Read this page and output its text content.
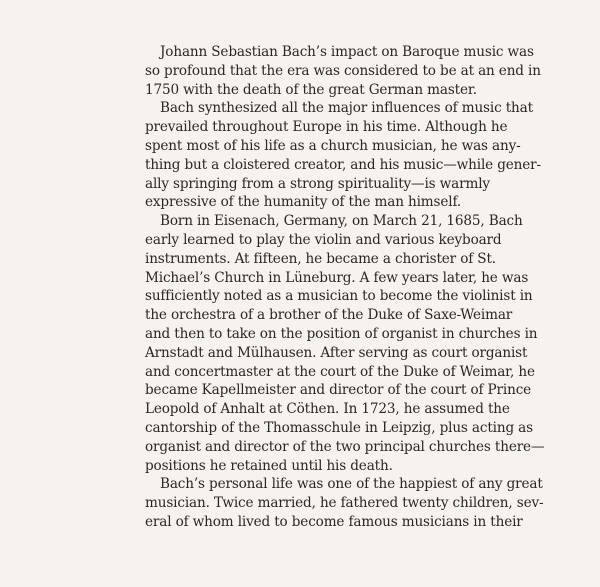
Johann Sebastian Bach’s impact on Baroque music was
so profound that the era was considered to be at an end in
1750 with the death of the great German master.

Bach synthesized all the major influences of music that
prevailed throughout Europe in his time. Although he
spent most of his life as a church musician, he was any-
thing but a cloistered creator, and his music—while gener-
ally springing from a strong spirituality—is warmly
expressive of the humanity of the man himself.

Born in Eisenach, Germany, on March 21, 1685, Bach
early learned to play the violin and various keyboard
instruments. At fifteen, he became a chorister of St.
Michael’s Church in Lüneburg. A few years later, he was
sufficiently noted as a musician to become the violinist in
the orchestra of a brother of the Duke of Saxe-Weimar
and then to take on the position of organist in churches in
Arnstadt and Mülhausen. After serving as court organist
and concertmaster at the court of the Duke of Weimar, he
became Kapellmeister and director of the court of Prince
Leopold of Anhalt at Cöthen. In 1723, he assumed the
cantorship of the Thomasschule in Leipzig, plus acting as
organist and director of the two principal churches there—
positions he retained until his death.

Bach’s personal life was one of the happiest of any great
musician. Twice married, he fathered twenty children, sev-
eral of whom lived to become famous musicians in their
